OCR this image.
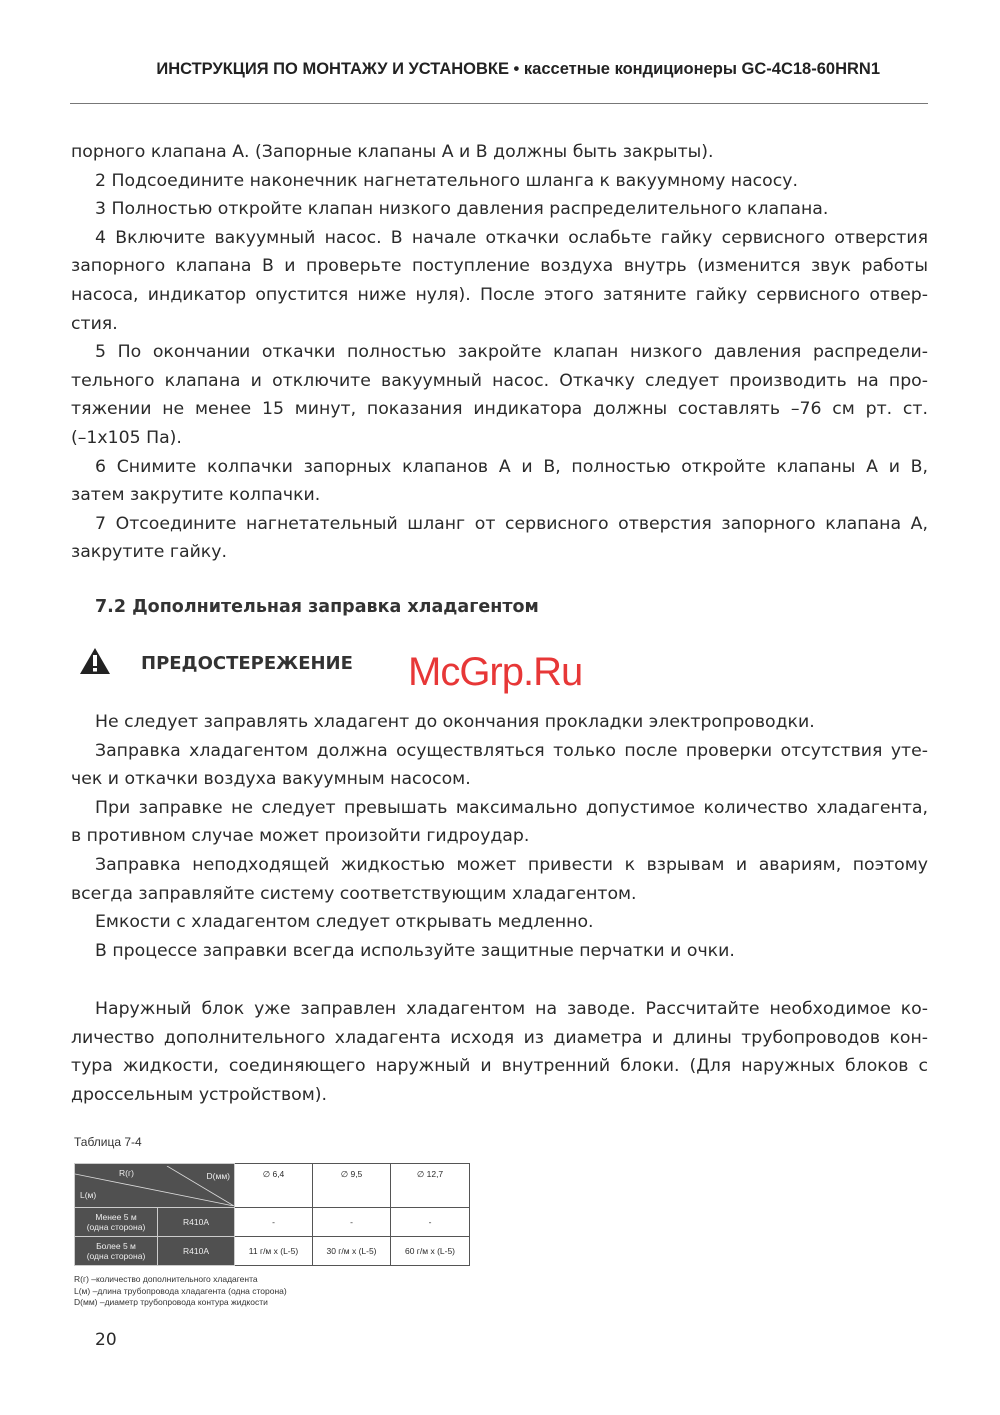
ИНСТРУКЦИЯ ПО МОНТАЖУ И УСТАНОВКЕ • кассетные кондиционеры GC-4C18-60HRN1
порного клапана А. (Запорные клапаны А и В должны быть закрыты).
2 Подсоедините наконечник нагнетательного шланга к вакуумному насосу.
3 Полностью откройте клапан низкого давления распределительного клапана.
4 Включите вакуумный насос. В начале откачки ослабьте гайку сервисного отверстия
запорного клапана В и проверьте поступление воздуха внутрь (изменится звук работы
насоса, индикатор опустится ниже нуля). После этого затяните гайку сервисного отвер-
стия.
5 По окончании откачки полностью закройте клапан низкого давления распредели-
тельного клапана и отключите вакуумный насос. Откачку следует производить на про-
тяжении не менее 15 минут, показания индикатора должны составлять –76 см рт. ст.
(–1x105 Па).
6 Снимите колпачки запорных клапанов А и В, полностью откройте клапаны А и В,
затем закрутите колпачки.
7 Отсоедините нагнетательный шланг от сервисного отверстия запорного клапана А,
закрутите гайку.
7.2 Дополнительная заправка хладагентом
ПРЕДОСТЕРЕЖЕНИЕ McGrp.Ru
Не следует заправлять хладагент до окончания прокладки электропроводки.
Заправка хладагентом должна осуществляться только после проверки отсутствия уте-
чек и откачки воздуха вакуумным насосом.
При заправке не следует превышать максимально допустимое количество хладагента,
в противном случае может произойти гидроудар.
Заправка неподходящей жидкостью может привести к взрывам и авариям, поэтому
всегда заправляйте систему соответствующим хладагентом.
Емкости с хладагентом следует открывать медленно.
В процессе заправки всегда используйте защитные перчатки и очки.
Наружный блок уже заправлен хладагентом на заводе. Рассчитайте необходимое ко-
личество дополнительного хладагента исходя из диаметра и длины трубопроводов кон-
тура жидкости, соединяющего наружный и внутренний блоки. (Для наружных блоков с
дроссельным устройством).
Таблица 7-4
R(г) D(мм)
L(м)		∅ 6,4	∅ 9,5	∅ 12,7
Менее 5 м
(одна сторона)	R410A	-	-	-
Более 5 м
(одна сторона)	R410A	11 г/м x (L-5)	30 г/м x (L-5)	60 г/м x (L-5)
R(г) –количество дополнительного хладагента
L(м) –длина трубопровода хладагента (одна сторона)
D(мм) –диаметр трубопровода контура жидкости
20
